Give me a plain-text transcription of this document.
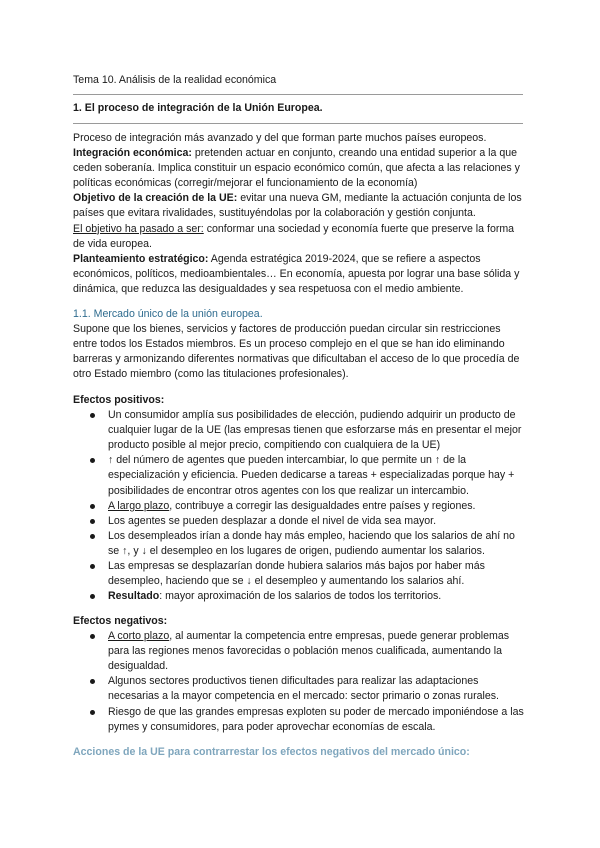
Tema 10. Análisis de la realidad económica
1. El proceso de integración de la Unión Europea.
Proceso de integración más avanzado y del que forman parte muchos países europeos.
Integración económica: pretenden actuar en conjunto, creando una entidad superior a la que ceden soberanía. Implica constituir un espacio económico común, que afecta a las relaciones y políticas económicas (corregir/mejorar el funcionamiento de la economía)
Objetivo de la creación de la UE: evitar una nueva GM, mediante la actuación conjunta de los países que evitara rivalidades, sustituyéndolas por la colaboración y gestión conjunta.
El objetivo ha pasado a ser: conformar una sociedad y economía fuerte que preserve la forma de vida europea.
Planteamiento estratégico: Agenda estratégica 2019-2024, que se refiere a aspectos económicos, políticos, medioambientales… En economía, apuesta por lograr una base sólida y dinámica, que reduzca las desigualdades y sea respetuosa con el medio ambiente.
1.1. Mercado único de la unión europea.
Supone que los bienes, servicios y factores de producción puedan circular sin restricciones entre todos los Estados miembros. Es un proceso complejo en el que se han ido eliminando barreras y armonizando diferentes normativas que dificultaban el acceso de lo que procedía de otro Estado miembro (como las titulaciones profesionales).
Efectos positivos:
Un consumidor amplía sus posibilidades de elección, pudiendo adquirir un producto de cualquier lugar de la UE (las empresas tienen que esforzarse más en presentar el mejor producto posible al mejor precio, compitiendo con cualquiera de la UE)
↑ del número de agentes que pueden intercambiar, lo que permite un ↑ de la especialización y eficiencia. Pueden dedicarse a tareas + especializadas porque hay + posibilidades de encontrar otros agentes con los que realizar un intercambio.
A largo plazo, contribuye a corregir las desigualdades entre países y regiones.
Los agentes se pueden desplazar a donde el nivel de vida sea mayor.
Los desempleados irían a donde hay más empleo, haciendo que los salarios de ahí no se ↑, y ↓ el desempleo en los lugares de origen, pudiendo aumentar los salarios.
Las empresas se desplazarían donde hubiera salarios más bajos por haber más desempleo, haciendo que se ↓ el desempleo y aumentando los salarios ahí.
Resultado: mayor aproximación de los salarios de todos los territorios.
Efectos negativos:
A corto plazo, al aumentar la competencia entre empresas, puede generar problemas para las regiones menos favorecidas o población menos cualificada, aumentando la desigualdad.
Algunos sectores productivos tienen dificultades para realizar las adaptaciones necesarias a la mayor competencia en el mercado: sector primario o zonas rurales.
Riesgo de que las grandes empresas exploten su poder de mercado imponiéndose a las pymes y consumidores, para poder aprovechar economías de escala.
Acciones de la UE para contrarrestar los efectos negativos del mercado único:
